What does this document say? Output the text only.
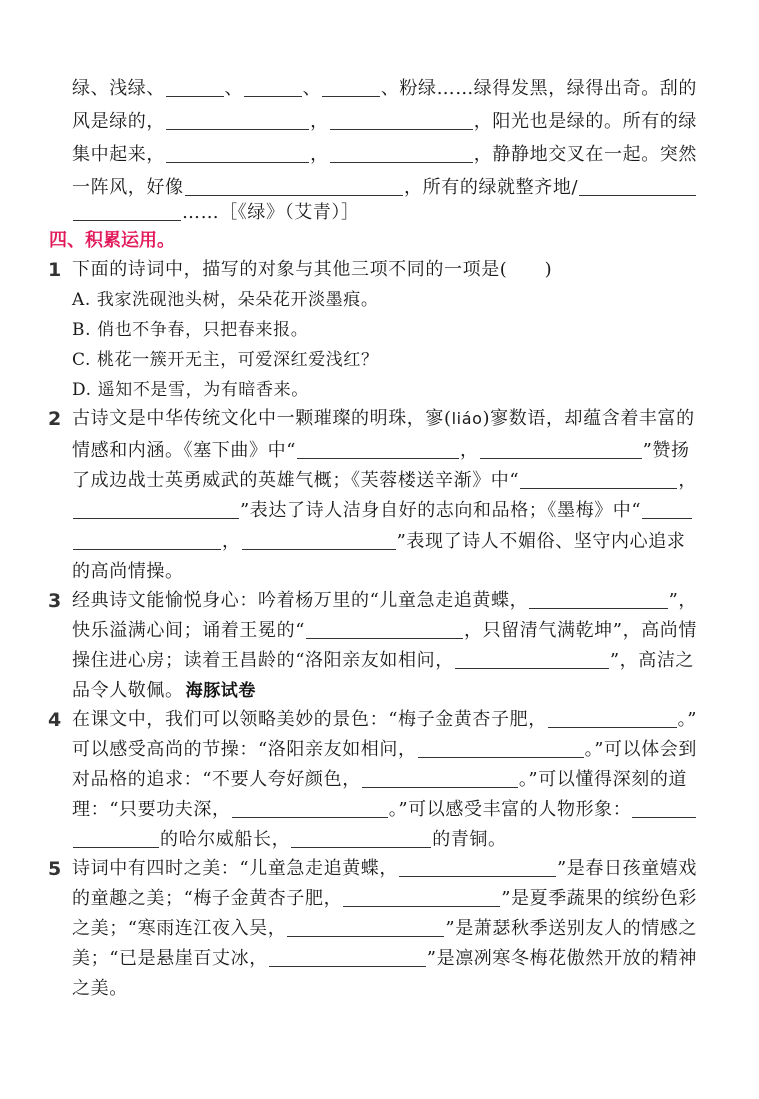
绿、浅绿、	、	、	、粉绿……绿得发黑，绿得出奇。刮的
风是绿的，	，	，阳光也是绿的。所有的绿
集中起来，	，	，静静地交叉在一起。突然
一阵风，好像	，所有的绿就整齐地/
……［《绿》（艾青）］
四、积累运用。
1 下面的诗词中，描写的对象与其他三项不同的一项是(　　)
A. 我家洗砚池头树，朵朵花开淡墨痕。
B. 俏也不争春，只把春来报。
C. 桃花一簇开无主，可爱深红爱浅红？
D. 遥知不是雪，为有暗香来。
2 古诗文是中华传统文化中一颗璀璨的明珠，寥( liáo )寥数语，却蕴含着丰富的
情感和内涵。《塞下曲》中“	，	”赞扬
了成边战士英勇威武的英雄气概；《芙蓉楼送辛渐》中“	，
”表达了诗人洁身自好的志向和品格；《墨梅》中“
，	”表现了诗人不媚俗、坚守内心追求
的高尚情操。
3 经典诗文能愉悦身心：吟着杨万里的“儿童急走追黄蝶，	”，
快乐溢满心间；诵着王冕的“	，只留清气满乾坤”，高尚情
操住进心房；读着王昌龄的“洛阳亲友如相问，	”，高洁之
品令人敬佩。 海豚试卷
4 在课文中，我们可以领略美妙的景色：“梅子金黄杏子肥，	。”
可以感受高尚的节操：“洛阳亲友如相问，	。”可以体会到
对品格的追求：“不要人夸好颜色，	。”可以懂得深刻的道
理：“只要功夫深，	。”可以感受丰富的人物形象：
的哈尔威船长，	的青铜。
5 诗词中有四时之美：“儿童急走追黄蝶，	”是春日孩童嬉戏
的童趣之美；“梅子金黄杏子肥，	”是夏季蔬果的缤纷色彩
之美；“寒雨连江夜入吴，	”是萧瑟秋季送别友人的情感之
美；“已是悬崖百丈冰，	”是凛冽寒冬梅花傲然开放的精神
之美。
